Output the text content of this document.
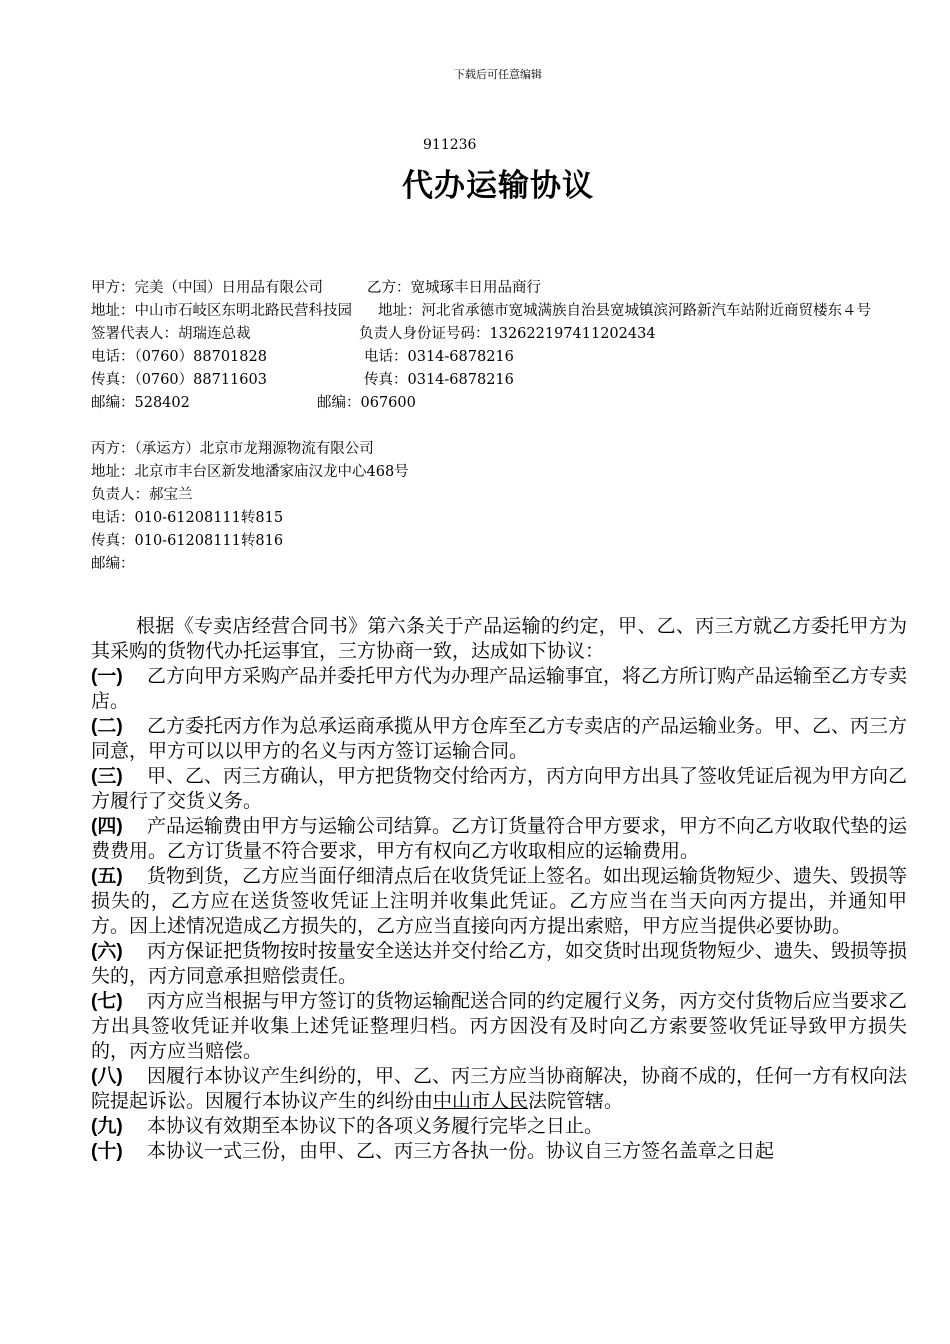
下载后可任意编辑
911236
代办运输协议
甲方：完美（中国）日用品有限公司	乙方：宽城琢丰日用品商行
地址：中山市石岐区东明北路民营科技园 地址：河北省承德市宽城满族自治县宽城镇滨河路新汽车站附近商贸楼东４号
签署代表人：胡瑞连总裁	负责人身份证号码：132622197411202434
电话：（0760）88701828	电话：0314-6878216
传真：（0760）88711603	传真：0314-6878216
邮编：528402	邮编：067600
丙方：（承运方）北京市龙翔源物流有限公司
地址：北京市丰台区新发地潘家庙汉龙中心468号
负责人：郝宝兰
电话：010-61208111转815
传真：010-61208111转816
邮编：

根据《专卖店经营合同书》第六条关于产品运输的约定，甲、乙、丙三方就乙方委托甲方为其采购的货物代办托运事宜，三方协商一致，达成如下协议：

(一) 乙方向甲方采购产品并委托甲方代为办理产品运输事宜，将乙方所订购产品运输至乙方专卖店。

(二) 乙方委托丙方作为总承运商承揽从甲方仓库至乙方专卖店的产品运输业务。甲、乙、丙三方同意，甲方可以以甲方的名义与丙方签订运输合同。

(三) 甲、乙、丙三方确认，甲方把货物交付给丙方，丙方向甲方出具了签收凭证后视为甲方向乙方履行了交货义务。

(四) 产品运输费由甲方与运输公司结算。乙方订货量符合甲方要求，甲方不向乙方收取代垫的运费费用。乙方订货量不符合要求，甲方有权向乙方收取相应的运输费用。

(五) 货物到货，乙方应当面仔细清点后在收货凭证上签名。如出现运输货物短少、遗失、毁损等损失的，乙方应在送货签收凭证上注明并收集此凭证。乙方应当在当天向丙方提出，并通知甲方。因上述情况造成乙方损失的，乙方应当直接向丙方提出索赔，甲方应当提供必要协助。

(六) 丙方保证把货物按时按量安全送达并交付给乙方，如交货时出现货物短少、遗失、毁损等损失的，丙方同意承担赔偿责任。

(七) 丙方应当根据与甲方签订的货物运输配送合同的约定履行义务，丙方交付货物后应当要求乙方出具签收凭证并收集上述凭证整理归档。丙方因没有及时向乙方索要签收凭证导致甲方损失的，丙方应当赔偿。

(八) 因履行本协议产生纠纷的，甲、乙、丙三方应当协商解决，协商不成的，任何一方有权向法院提起诉讼。因履行本协议产生的纠纷由中山市人民法院管辖。

(九) 本协议有效期至本协议下的各项义务履行完毕之日止。

(十) 本协议一式三份，由甲、乙、丙三方各执一份。协议自三方签名盖章之日起
